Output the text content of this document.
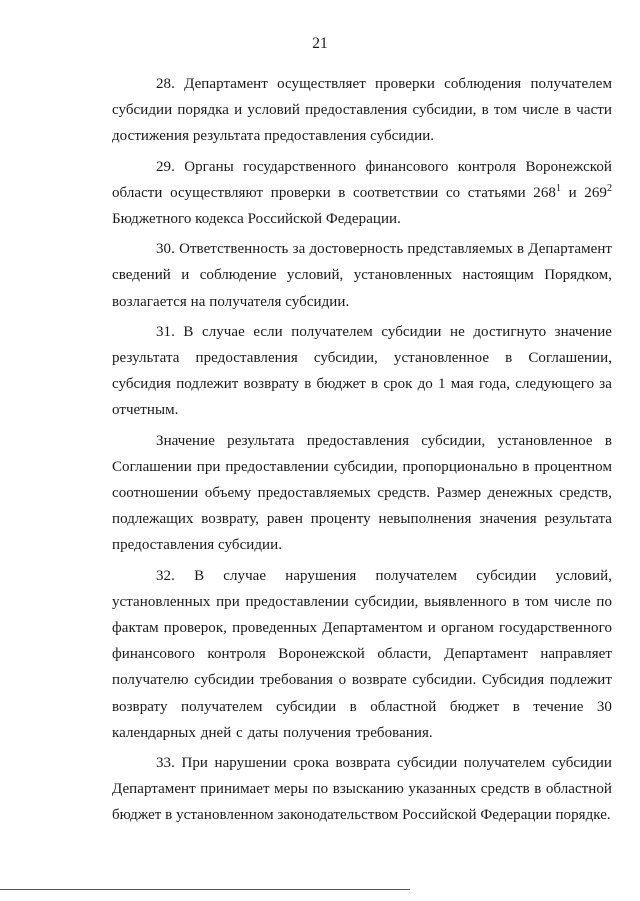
21

28. Департамент осуществляет проверки соблюдения получателем субсидии порядка и условий предоставления субсидии, в том числе в части достижения результата предоставления субсидии.

29. Органы государственного финансового контроля Воронежской области осуществляют проверки в соответствии со статьями $268^1$ и $269^2$ Бюджетного кодекса Российской Федерации.

30. Ответственность за достоверность представляемых в Департамент сведений и соблюдение условий, установленных настоящим Порядком, возлагается на получателя субсидии.

31. В случае если получателем субсидии не достигнуто значение результата предоставления субсидии, установленное в Соглашении, субсидия подлежит возврату в бюджет в срок до 1 мая года, следующего за отчетным.

Значение результата предоставления субсидии, установленное в Соглашении при предоставлении субсидии, пропорционально в процентном соотношении объему предоставляемых средств. Размер денежных средств, подлежащих возврату, равен проценту невыполнения значения результата предоставления субсидии.

32. В случае нарушения получателем субсидии условий, установленных при предоставлении субсидии, выявленного в том числе по фактам проверок, проведенных Департаментом и органом государственного финансового контроля Воронежской области, Департамент направляет получателю субсидии требования о возврате субсидии. Субсидия подлежит возврату получателем субсидии в областной бюджет в течение 30 календарных дней с даты получения требования.

33. При нарушении срока возврата субсидии получателем субсидии Департамент принимает меры по взысканию указанных средств в областной бюджет в установленном законодательством Российской Федерации порядке.
